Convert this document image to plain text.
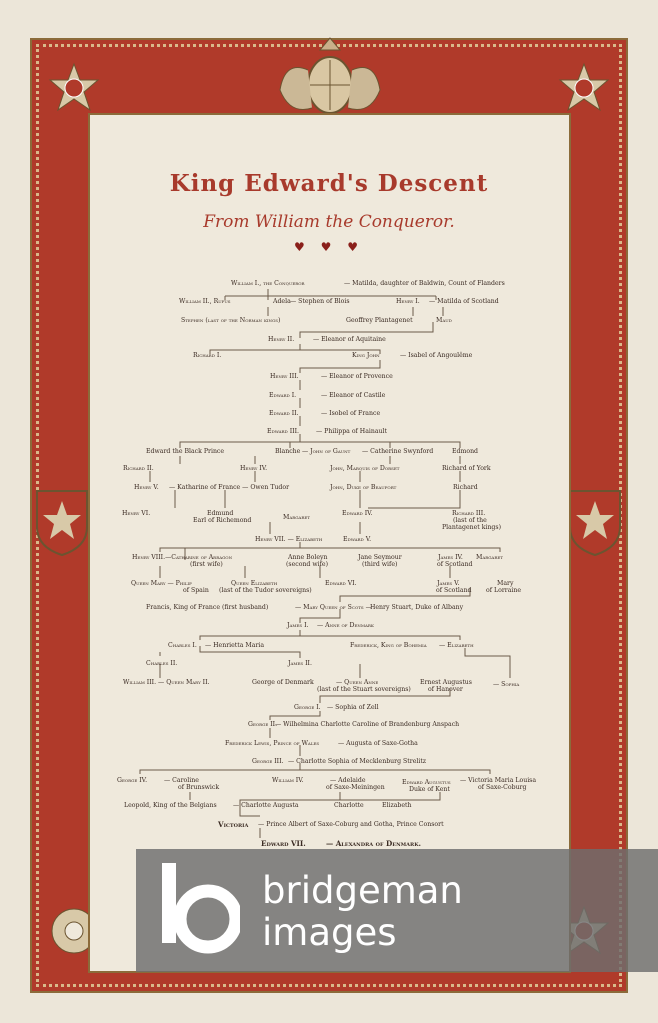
King Edward's Descent
From William the Conqueror.
♥ ♥ ♥
William I., the Conqueror	— Matilda, daughter of Baldwin, Count of Flanders
William II., Rufus	Adela — Stephen of Blois	Henry I. — Matilda of Scotland
Stephen (last of the Norman kings)	Geoffrey Plantagenet	Maud
Henry II.	— Eleanor of Aquitaine
Richard I.	King John	— Isabel of Angoulême
Henry III.	— Eleanor of Provence
Edward I.	— Eleanor of Castile
Edward II.	— Isobel of France
Edward III.	— Philippa of Hainault
Edward the Black Prince	Blanche — John of Gaunt — Catherine Swynford	Edmond
Richard II.	Henry IV.	John, Marquis of Dorset	Richard of York
Henry V. — Katharine of France — Owen Tudor	John, Duke of Beaufort	Richard
Henry VI.	Edmund
Earl of Richemond	Margaret
Edward IV.	Richard III.
(last of the
Plantagenet kings)
Henry VII. — Elizabeth	Edward V.
Henry VIII.—Catharine of Arragon
(first wife)
Anne Boleyn
(second wife)
Jane Seymour
(third wife)
James IV.
of Scotland
Margaret
Queen Mary — Philip
of Spain
Queen Elizabeth
(last of the Tudor sovereigns)
Edward VI.	James V.
of Scotland
Mary
of Lorraine
Francis, King of France (first husband)	— Mary Queen of Scots —
Henry Stuart, Duke of Albany
James I. — Anne of Denmark
Charles I. — Henrietta Maria	Frederick, King of Bohemia — Elizabeth
Charles II.	James II.
William III. — Queen Mary II.	George of Denmark	— Queen Anne
(last of the Stuart sovereigns)
Ernest Augustus
of Hanover
— Sophia
George I. — Sophia of Zell
George II.
— Wilhelmina Charlotte Caroline of Brandenburg Anspach
Frederick Lewis, Prince of Wales	— Augusta of Saxe-Gotha
George III. — Charlotte Sophia of Mecklenburg Strelitz
George IV.	— Caroline
of Brunswick
William IV.	— Adelaide
of Saxe-Meiningen
Edward Augustus
Duke of Kent
— Victoria Maria Louisa
of Saxe-Coburg
Leopold, King of the Belgians	— Charlotte Augusta	Charlotte	Elizabeth
Victoria — Prince Albert of Saxe-Coburg and Gotha, Prince Consort
Edward VII.	— Alexandra of Denmark.
bridgeman
images
